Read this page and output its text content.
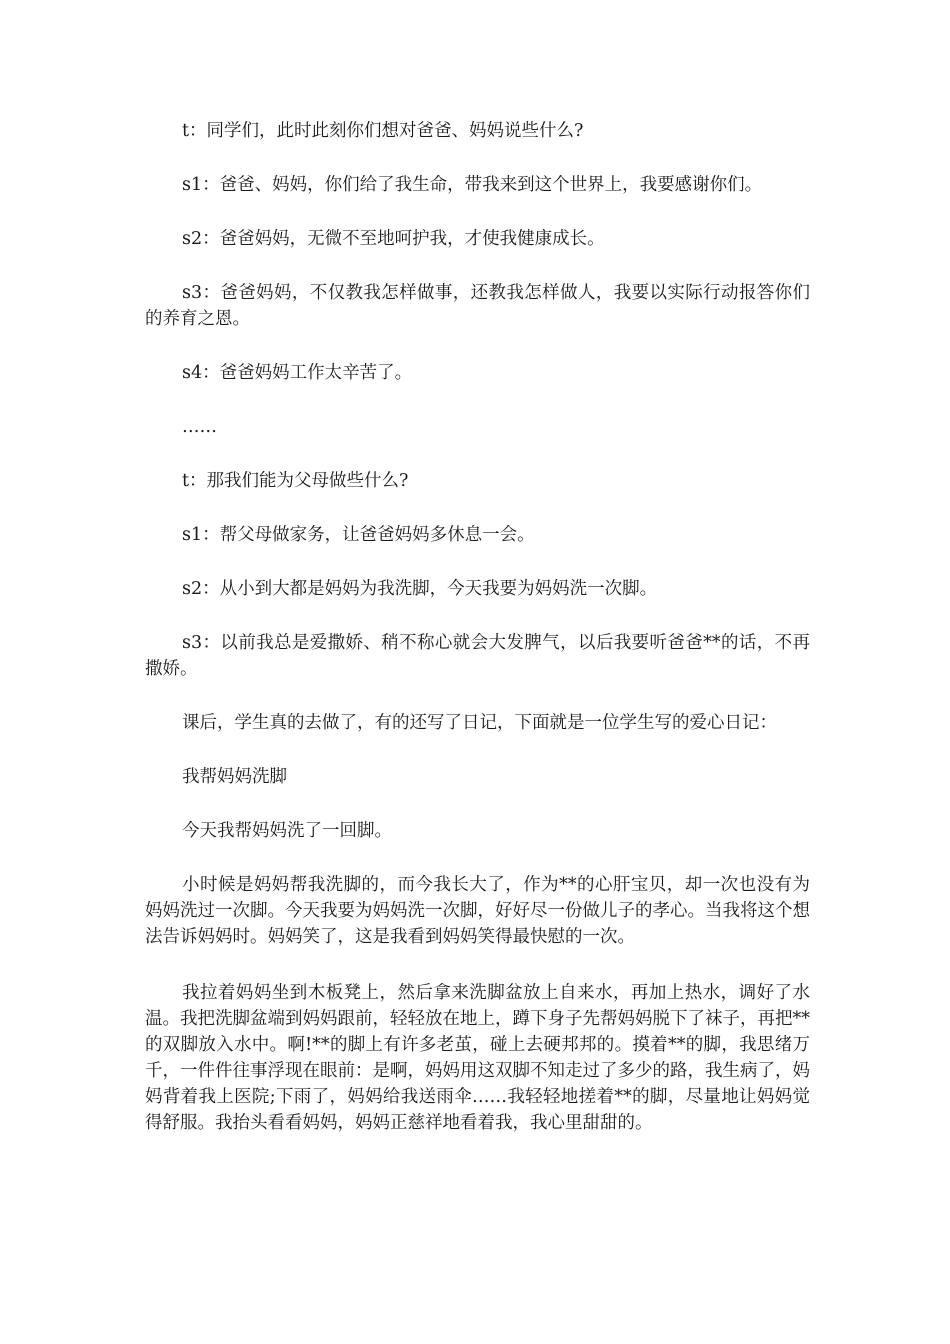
t：同学们，此时此刻你们想对爸爸、妈妈说些什么?

s1：爸爸、妈妈，你们给了我生命，带我来到这个世界上，我要感谢你们。

s2：爸爸妈妈，无微不至地呵护我，才使我健康成长。

s3：爸爸妈妈，不仅教我怎样做事，还教我怎样做人，我要以实际行动报答你们的养育之恩。

s4：爸爸妈妈工作太辛苦了。

……

t：那我们能为父母做些什么?

s1：帮父母做家务，让爸爸妈妈多休息一会。

s2：从小到大都是妈妈为我洗脚，今天我要为妈妈洗一次脚。

s3：以前我总是爱撒娇、稍不称心就会大发脾气，以后我要听爸爸**的话，不再撒娇。

课后，学生真的去做了，有的还写了日记，下面就是一位学生写的爱心日记：

我帮妈妈洗脚

今天我帮妈妈洗了一回脚。

小时候是妈妈帮我洗脚的，而今我长大了，作为**的心肝宝贝，却一次也没有为妈妈洗过一次脚。今天我要为妈妈洗一次脚，好好尽一份做儿子的孝心。当我将这个想法告诉妈妈时。妈妈笑了，这是我看到妈妈笑得最快慰的一次。

我拉着妈妈坐到木板凳上，然后拿来洗脚盆放上自来水，再加上热水，调好了水温。我把洗脚盆端到妈妈跟前，轻轻放在地上，蹲下身子先帮妈妈脱下了袜子，再把**的双脚放入水中。啊!**的脚上有许多老茧，碰上去硬邦邦的。摸着**的脚，我思绪万千，一件件往事浮现在眼前：是啊，妈妈用这双脚不知走过了多少的路，我生病了，妈妈背着我上医院;下雨了，妈妈给我送雨伞……我轻轻地搓着**的脚，尽量地让妈妈觉得舒服。我抬头看看妈妈，妈妈正慈祥地看着我，我心里甜甜的。
